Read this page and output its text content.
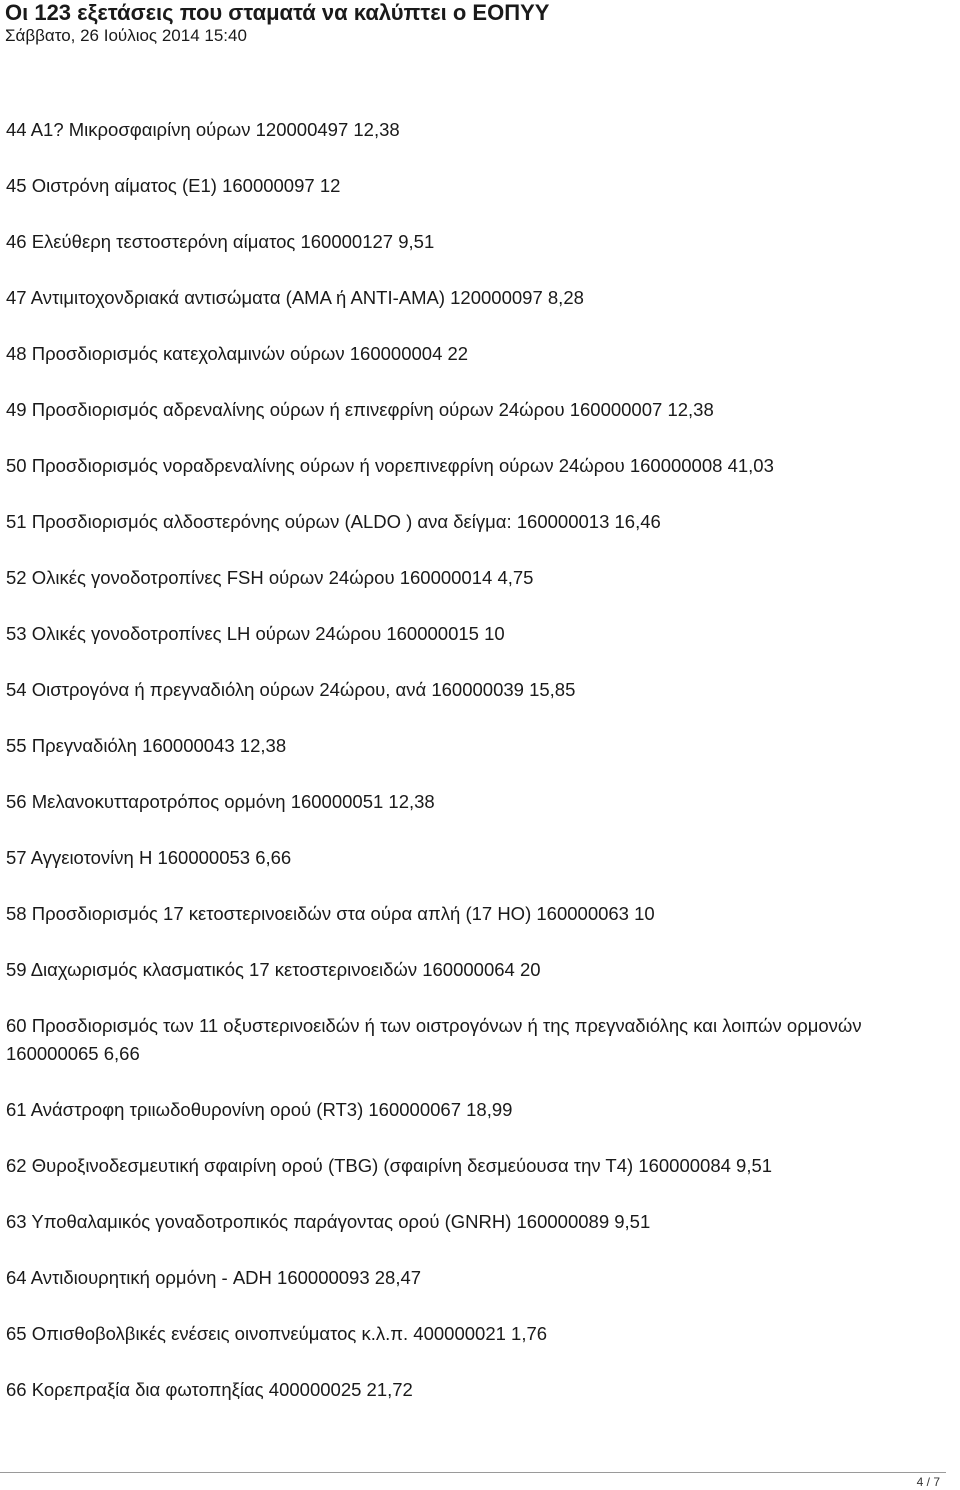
Οι 123 εξετάσεις που σταματά να καλύπτει ο ΕΟΠΥΥ
Σάββατο, 26 Ιούλιος 2014 15:40
44 Α1? Μικροσφαιρίνη ούρων 120000497 12,38
45 Οιστρόνη αίματος (Ε1) 160000097 12
46 Ελεύθερη τεστοστερόνη αίματος 160000127 9,51
47 Αντιμιτοχονδριακά αντισώματα (ΑΜΑ ή ΑΝΤΙ-ΑΜΑ) 120000097 8,28
48 Προσδιορισμός κατεχολαμινών ούρων 160000004 22
49 Προσδιορισμός αδρεναλίνης ούρων ή επινεφρίνη ούρων 24ώρου 160000007 12,38
50 Προσδιορισμός νοραδρεναλίνης ούρων ή νορεπινεφρίνη ούρων 24ώρου 160000008 41,03
51 Προσδιορισμός αλδοστερόνης ούρων (ALDO ) ανα δείγμα: 160000013 16,46
52 Ολικές γονοδοτροπίνες FSH ούρων 24ώρου 160000014 4,75
53 Ολικές γονοδοτροπίνες LH ούρων 24ώρου 160000015 10
54 Οιστρογόνα ή πρεγναδιόλη ούρων 24ώρου, ανά 160000039 15,85
55 Πρεγναδιόλη 160000043 12,38
56 Μελανοκυτταροτρόπος ορμόνη 160000051 12,38
57 Αγγειοτονίνη Η 160000053 6,66
58 Προσδιορισμός 17 κετοστερινοειδών στα ούρα απλή (17 ΗΟ) 160000063 10
59 Διαχωρισμός κλασματικός 17 κετοστερινοειδών 160000064 20
60 Προσδιορισμός των 11 οξυστερινοειδών ή των οιστρογόνων ή της πρεγναδιόλης και λοιπών ορμονών 160000065 6,66
61 Ανάστροφη τριιωδοθυρονίνη ορού (RT3) 160000067 18,99
62 Θυροξινοδεσμευτική σφαιρίνη ορού (TBG) (σφαιρίνη δεσμεύουσα την Τ4) 160000084 9,51
63 Υποθαλαμικός γοναδοτροπικός παράγοντας ορού (GNRH) 160000089 9,51
64 Αντιδιουρητική ορμόνη - ADH 160000093 28,47
65 Οπισθοβολβικές ενέσεις οινοπνεύματος κ.λ.π. 400000021 1,76
66 Κορεπραξία δια φωτοπηξίας 400000025 21,72
4 / 7
